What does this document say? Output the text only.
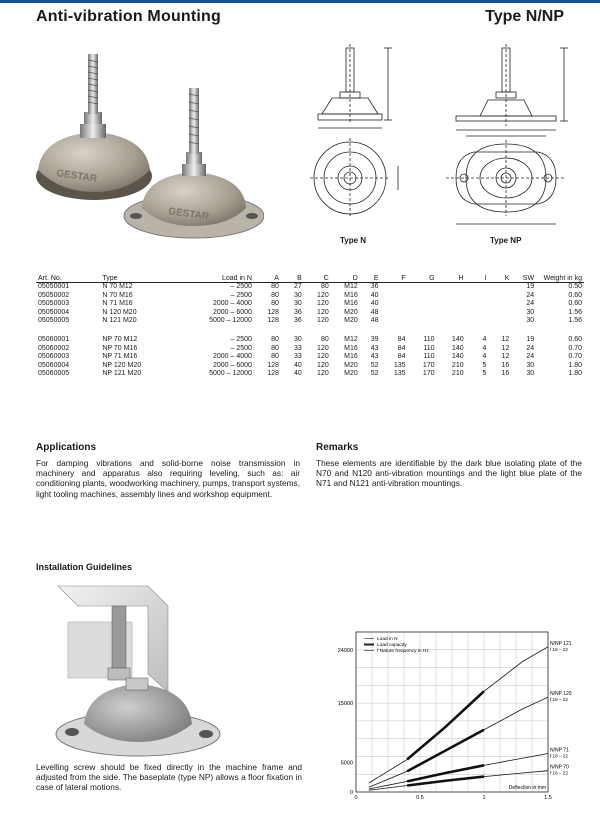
Anti-vibration Mounting	Type N/NP
GESTAR
GESTAR
Type N	Type NP
Art. No.	Type	Load in N	A	B	C	D	E	F	G	H	I	K	SW	Weight in kg
05050001	N 70 M12	– 2500	80	27	80	M12	36						19	0.50
05050002	N 70 M16	– 2500	80	30	120	M16	40						24	0.60
05050003	N 71 M16	2000 – 4000	80	30	120	M16	40						24	0.60
05050004	N 120 M20	2000 – 6000	128	36	120	M20	48						30	1.56
05050005	N 121 M20	5000 – 12000	128	36	120	M20	48						30	1.56

05060001	NP 70 M12	– 2500	80	30	80	M12	39	84	110	140	4	12	19	0.60
05060002	NP 70 M16	– 2500	80	33	120	M16	43	84	110	140	4	12	24	0.70
05060003	NP 71 M16	2000 – 4000	80	33	120	M16	43	84	110	140	4	12	24	0.70
05060004	NP 120 M20	2000 – 6000	128	40	120	M20	52	135	170	210	5	16	30	1.80
05060005	NP 121 M20	5000 – 12000	128	40	120	M20	52	135	170	210	5	16	30	1.80
Applications
For damping vibrations and solid-borne noise transmission in machinery and apparatus also requiring leveling, such as: air conditioning plants, woodworking machinery, pumps, transport systems, light tooling machines, assembly lines and workshop equipment.
Remarks
These elements are identifiable by the dark blue isolating plate of the N70 and N120 anti-vibration mountings and the light blue plate of the N71 and N121 anti-vibration mountings.
Installation Guidelines
Levelling screw should be fixed directly in the machine frame and adjusted from the side. The baseplate (type NP) allows a floor fixation in case of lateral motions.
0
5000
15000
24000
0	0.5	1	1.5
Deflection in mm
Load in N
Load capacity
f Nature frequency in Hz
N/NP 121
f 18 – 22
N/NP 120
f 18 – 22
N/NP 71
f 18 – 22
N/NP 70
f 18 – 22
